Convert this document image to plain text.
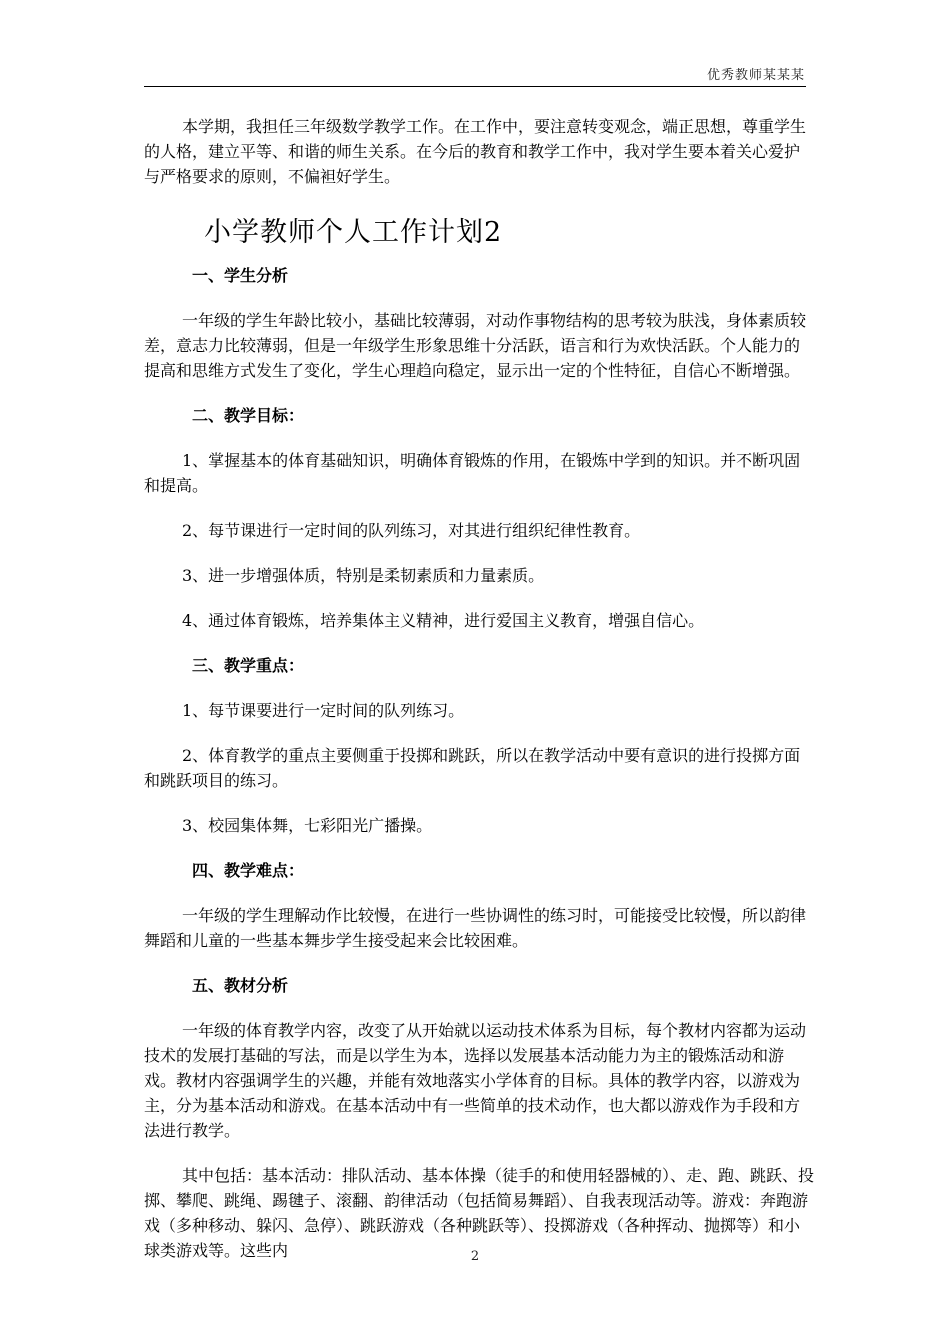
优秀教师某某某

本学期，我担任三年级数学教学工作。在工作中，要注意转变观念，端正思想，尊重学生的人格，建立平等、和谐的师生关系。在今后的教育和教学工作中，我对学生要本着关心爱护与严格要求的原则，不偏袒好学生。

小学教师个人工作计划2
一、学生分析

一年级的学生年龄比较小，基础比较薄弱，对动作事物结构的思考较为肤浅，身体素质较差，意志力比较薄弱，但是一年级学生形象思维十分活跃，语言和行为欢快活跃。个人能力的提高和思维方式发生了变化，学生心理趋向稳定，显示出一定的个性特征，自信心不断增强。

二、教学目标：

1、掌握基本的体育基础知识，明确体育锻炼的作用，在锻炼中学到的知识。并不断巩固和提高。

2、每节课进行一定时间的队列练习，对其进行组织纪律性教育。

3、进一步增强体质，特别是柔韧素质和力量素质。

4、通过体育锻炼，培养集体主义精神，进行爱国主义教育，增强自信心。

三、教学重点：

1、每节课要进行一定时间的队列练习。

2、体育教学的重点主要侧重于投掷和跳跃，所以在教学活动中要有意识的进行投掷方面和跳跃项目的练习。

3、校园集体舞，七彩阳光广播操。

四、教学难点：

一年级的学生理解动作比较慢，在进行一些协调性的练习时，可能接受比较慢，所以韵律舞蹈和儿童的一些基本舞步学生接受起来会比较困难。

五、教材分析

一年级的体育教学内容，改变了从开始就以运动技术体系为目标，每个教材内容都为运动技术的发展打基础的写法，而是以学生为本，选择以发展基本活动能力为主的锻炼活动和游戏。教材内容强调学生的兴趣，并能有效地落实小学体育的目标。具体的教学内容，以游戏为主，分为基本活动和游戏。在基本活动中有一些简单的技术动作，也大都以游戏作为手段和方法进行教学。

其中包括：基本活动：排队活动、基本体操（徒手的和使用轻器械的）、走、跑、跳跃、投掷、攀爬、跳绳、踢毽子、滚翻、韵律活动（包括简易舞蹈）、自我表现活动等。游戏：奔跑游戏（多种移动、躲闪、急停）、跳跃游戏（各种跳跃等）、投掷游戏（各种挥动、抛掷等）和小球类游戏等。这些内	2
